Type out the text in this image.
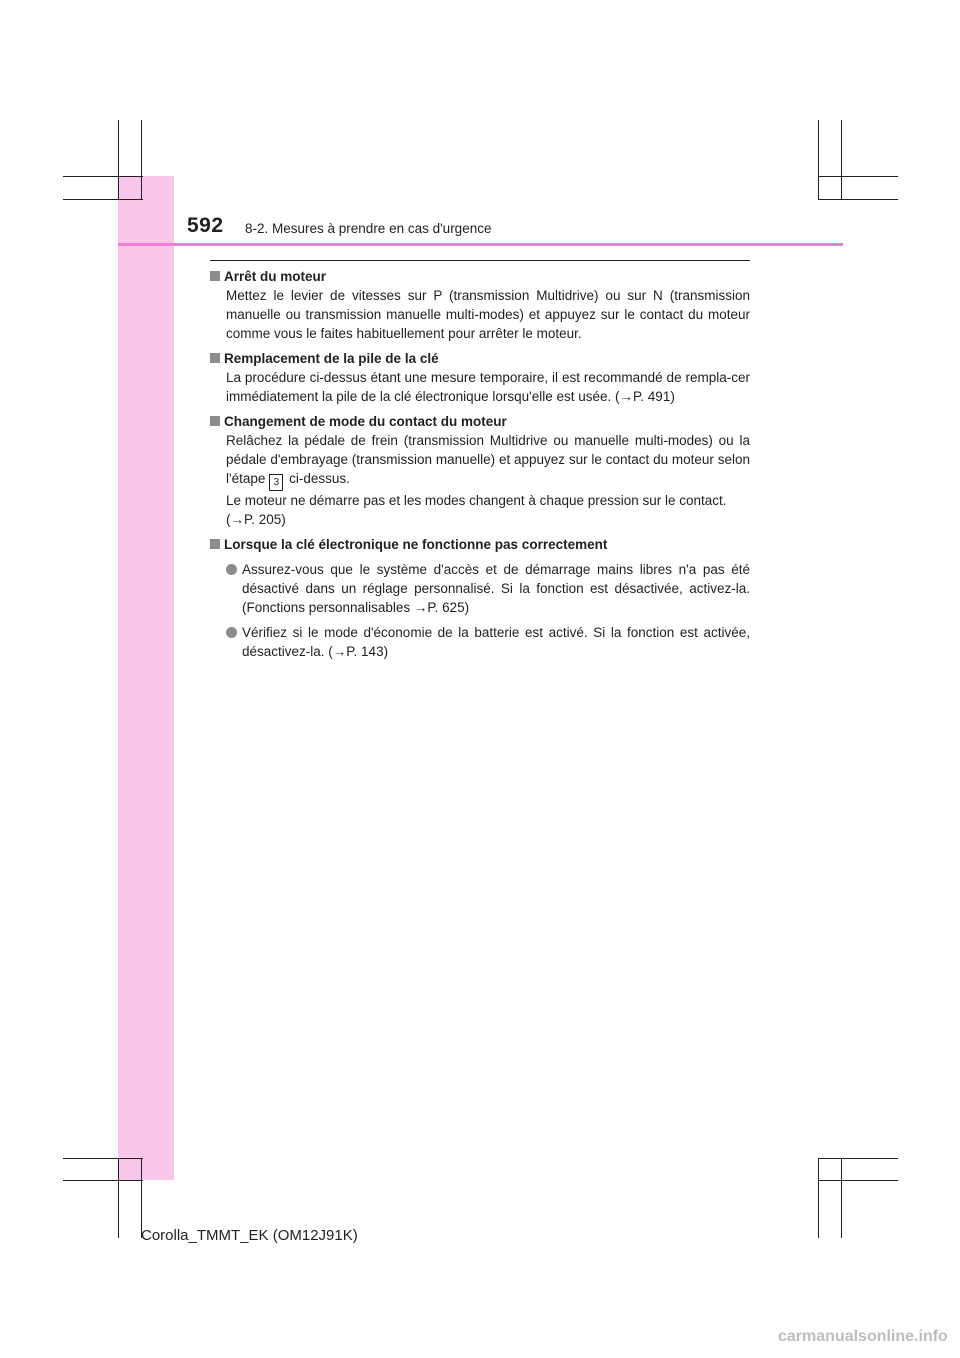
592 8-2. Mesures à prendre en cas d'urgence
Arrêt du moteur
Mettez le levier de vitesses sur P (transmission Multidrive) ou sur N (transmission manuelle ou transmission manuelle multi-modes) et appuyez sur le contact du moteur comme vous le faites habituellement pour arrêter le moteur.
Remplacement de la pile de la clé
La procédure ci-dessus étant une mesure temporaire, il est recommandé de rempla-cer immédiatement la pile de la clé électronique lorsqu'elle est usée. (→P. 491)
Changement de mode du contact du moteur
Relâchez la pédale de frein (transmission Multidrive ou manuelle multi-modes) ou la pédale d'embrayage (transmission manuelle) et appuyez sur le contact du moteur selon l'étape 3 ci-dessus.
Le moteur ne démarre pas et les modes changent à chaque pression sur le contact.
(→P. 205)
Lorsque la clé électronique ne fonctionne pas correctement
Assurez-vous que le système d'accès et de démarrage mains libres n'a pas été désactivé dans un réglage personnalisé. Si la fonction est désactivée, activez-la. (Fonctions personnalisables →P. 625)
Vérifiez si le mode d'économie de la batterie est activé. Si la fonction est activée, désactivez-la. (→P. 143)
Corolla_TMMT_EK (OM12J91K)
carmanualsonline.info
